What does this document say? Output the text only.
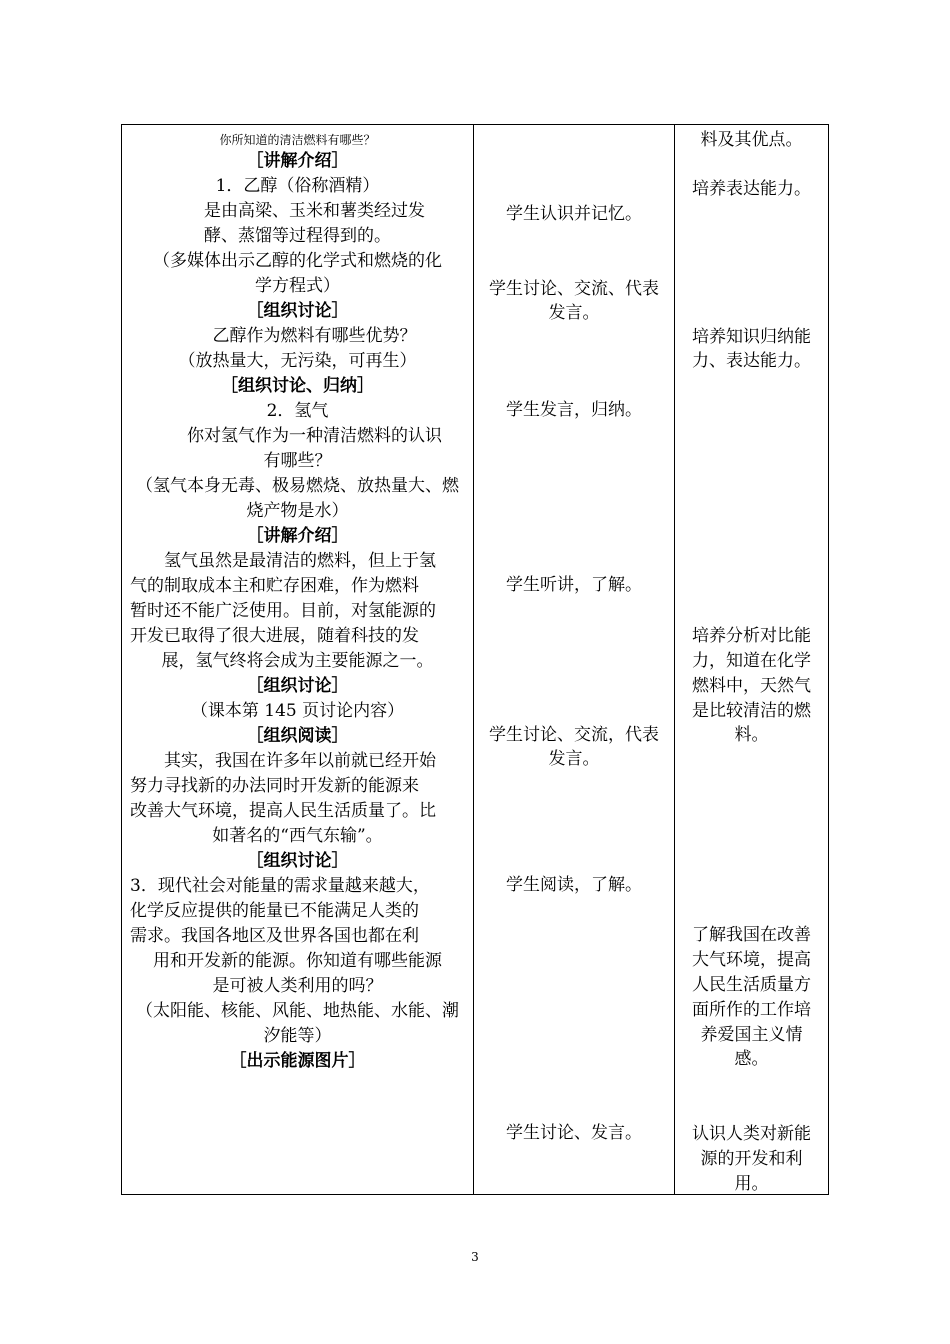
你所知道的清洁燃料有哪些？
［讲解介绍］
1．乙醇（俗称酒精）
　　是由高梁、玉米和薯类经过发
酵、蒸馏等过程得到的。
（多媒体出示乙醇的化学式和燃烧的化
学方程式）
［组织讨论］
　　乙醇作为燃料有哪些优势？
（放热量大，无污染，可再生）
［组织讨论、归纳］
2．氢气
　　你对氢气作为一种清洁燃料的认识
有哪些？
（氢气本身无毒、极易燃烧、放热量大、燃
烧产物是水）
［讲解介绍］
　　氢气虽然是最清洁的燃料，但上于氢
气的制取成本主和贮存困难，作为燃料
暂时还不能广泛使用。目前，对氢能源的
开发已取得了很大进展，随着科技的发
展，氢气终将会成为主要能源之一。
［组织讨论］
（课本第 145 页讨论内容）
［组织阅读］
　　其实，我国在许多年以前就已经开始
努力寻找新的办法同时开发新的能源来
改善大气环境，提高人民生活质量了。比
如著名的“西气东输”。
［组织讨论］
3．现代社会对能量的需求量越来越大，
化学反应提供的能量已不能满足人类的
需求。我国各地区及世界各国也都在利
用和开发新的能源。你知道有哪些能源
是可被人类利用的吗？
（太阳能、核能、风能、地热能、水能、潮
汐能等）
［出示能源图片］
学生认识并记忆。
学生讨论、交流、代表
发言。
学生发言，归纳。
学生听讲，了解。
学生讨论、交流，代表
发言。
学生阅读，了解。
学生讨论、发言。
料及其优点。
培养表达能力。
培养知识归纳能
力、表达能力。
培养分析对比能
力，知道在化学
燃料中，天然气
是比较清洁的燃
料。
了解我国在改善
大气环境，提高
人民生活质量方
面所作的工作培
养爱国主义情
感。
认识人类对新能
源的开发和利
用。
3
